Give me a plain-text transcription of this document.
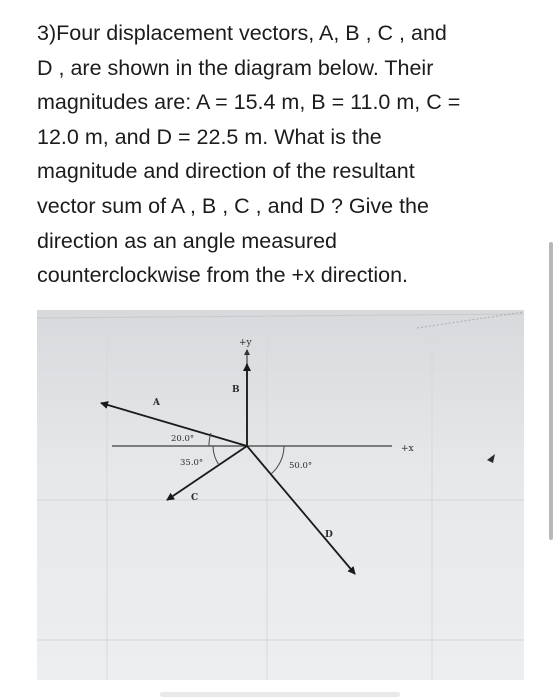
3)Four displacement vectors, A, B , C , and
D , are shown in the diagram below. Their
magnitudes are: A = 15.4 m, B = 11.0 m, C =
12.0 m, and D = 22.5 m. What is the
magnitude and direction of the resultant
vector sum of A , B , C , and D ? Give the
direction as an angle measured
counterclockwise from the +x direction.
+y
+x
B
A
20.0°
C
35.0°
D
50.0°
